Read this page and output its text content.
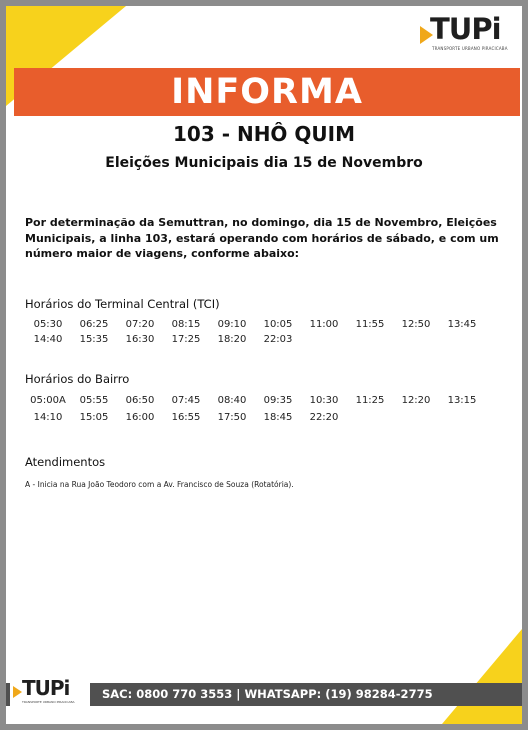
TUPi
TRANSPORTE URBANO PIRACICABA
INFORMA
103 - NHÔ QUIM
Eleições Municipais dia 15 de Novembro
Por determinação da Semuttran, no domingo, dia 15 de Novembro, Eleições Municipais, a linha 103, estará operando com horários de sábado, e com um número maior de viagens, conforme abaixo:
Horários do Terminal Central (TCI)
05:30	06:25	07:20	08:15	09:10	10:05	11:00	11:55	12:50	13:45
14:40	15:35	16:30	17:25	18:20	22:03
Horários do Bairro
05:00A	05:55	06:50	07:45	08:40	09:35	10:30	11:25	12:20	13:15
14:10	15:05	16:00	16:55	17:50	18:45	22:20
Atendimentos
A - Inicia na Rua João Teodoro com a Av. Francisco de Souza (Rotatória).
SAC: 0800 770 3553 | WHATSAPP: (19) 98284-2775
TUPi
TRANSPORTE URBANO PIRACICABA
